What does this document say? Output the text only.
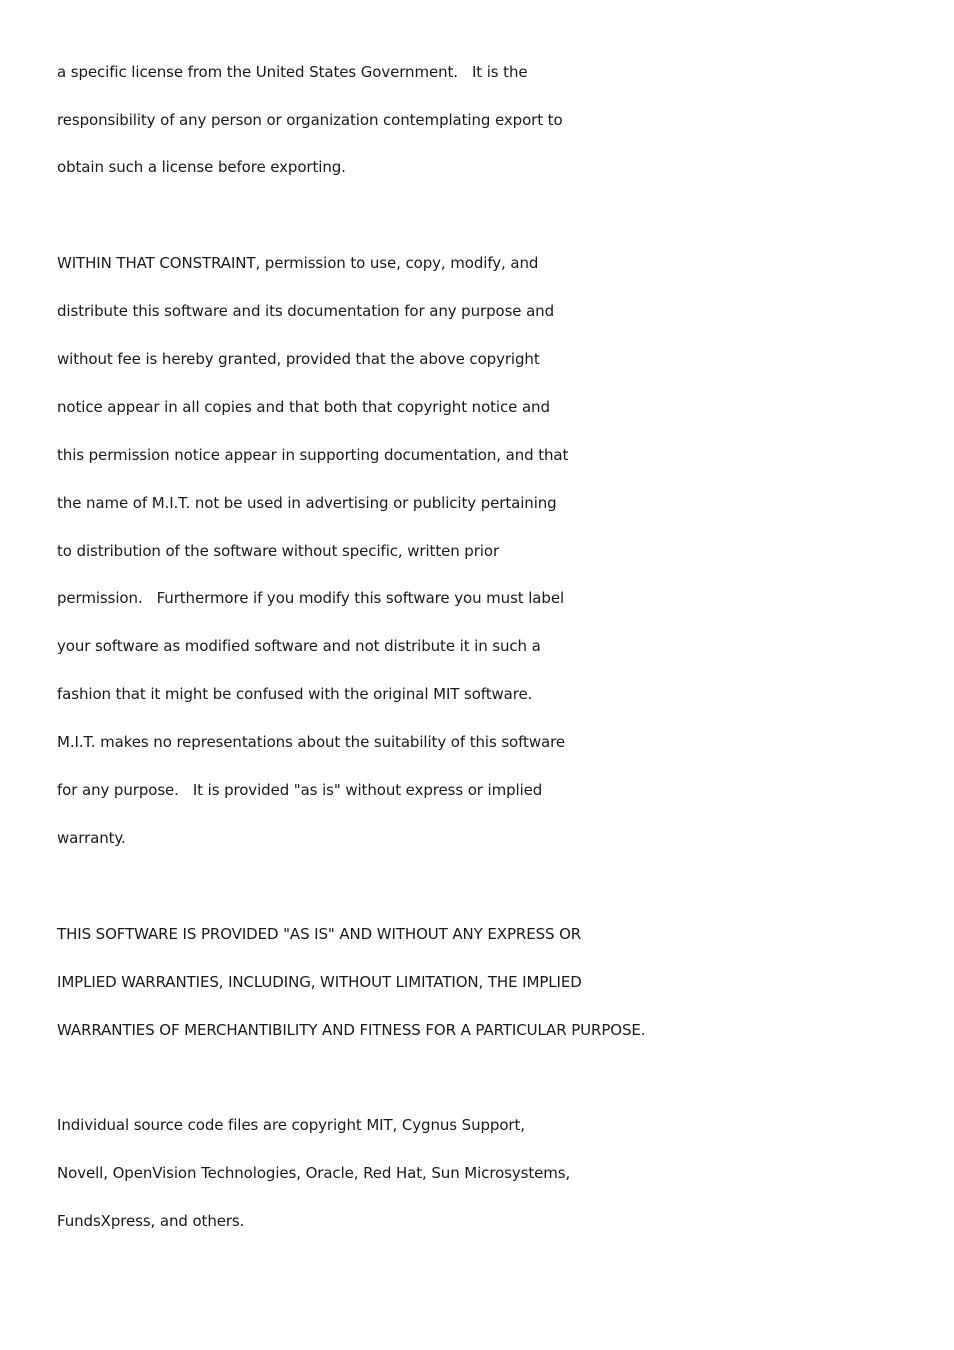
a specific license from the United States Government.   It is the
responsibility of any person or organization contemplating export to
obtain such a license before exporting.
WITHIN THAT CONSTRAINT, permission to use, copy, modify, and
distribute this software and its documentation for any purpose and
without fee is hereby granted, provided that the above copyright
notice appear in all copies and that both that copyright notice and
this permission notice appear in supporting documentation, and that
the name of M.I.T. not be used in advertising or publicity pertaining
to distribution of the software without specific, written prior
permission.   Furthermore if you modify this software you must label
your software as modified software and not distribute it in such a
fashion that it might be confused with the original MIT software.
M.I.T. makes no representations about the suitability of this software
for any purpose.   It is provided "as is" without express or implied
warranty.
THIS SOFTWARE IS PROVIDED "AS IS" AND WITHOUT ANY EXPRESS OR
IMPLIED WARRANTIES, INCLUDING, WITHOUT LIMITATION, THE IMPLIED
WARRANTIES OF MERCHANTIBILITY AND FITNESS FOR A PARTICULAR PURPOSE.
Individual source code files are copyright MIT, Cygnus Support,
Novell, OpenVision Technologies, Oracle, Red Hat, Sun Microsystems,
FundsXpress, and others.
